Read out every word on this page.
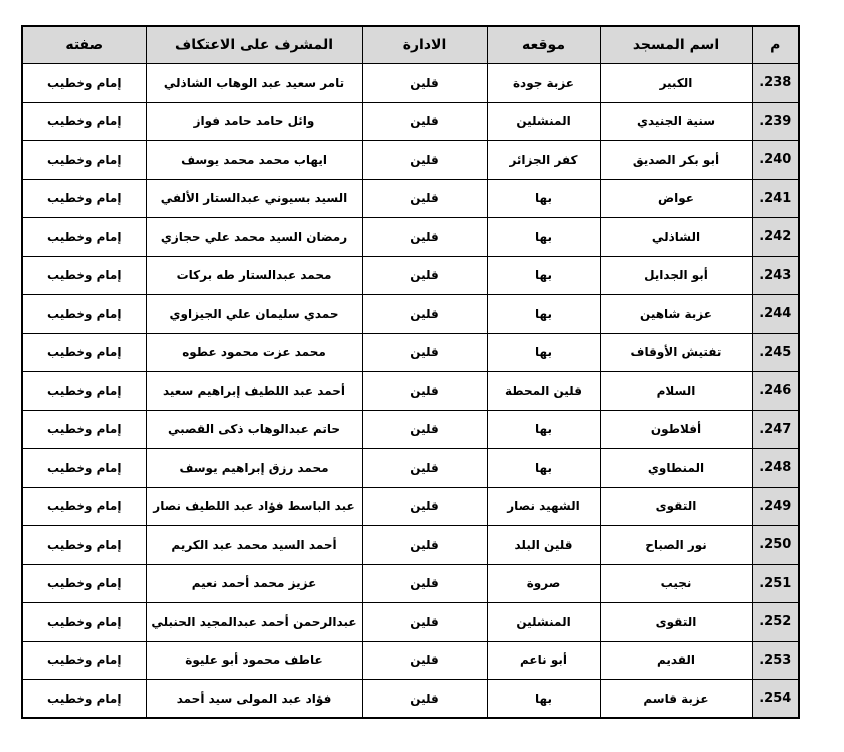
م	اسم المسجد	موقعه	الادارة	المشرف على الاعتكاف	صفته
238.	الكبير	عزبة جودة	قلين	تامر سعيد عبد الوهاب الشاذلي	إمام وخطيب
239.	سنية الجنيدي	المنشلين	قلين	وائل حامد حامد فواز	إمام وخطيب
240.	أبو بكر الصديق	كفر الجزائر	قلين	ايهاب محمد محمد يوسف	إمام وخطيب
241.	عواض	بها	قلين	السيد بسيوني عبدالستار الألفي	إمام وخطيب
242.	الشاذلي	بها	قلين	رمضان السيد محمد علي حجازي	إمام وخطيب
243.	أبو الجدايل	بها	قلين	محمد عبدالستار طه بركات	إمام وخطيب
244.	عزبة شاهين	بها	قلين	حمدي سليمان علي الجيزاوي	إمام وخطيب
245.	تفتيش الأوقاف	بها	قلين	محمد عزت محمود عطوه	إمام وخطيب
246.	السلام	قلين المحطة	قلين	أحمد عبد اللطيف إبراهيم سعيد	إمام وخطيب
247.	أفلاطون	بها	قلين	حاتم عبدالوهاب ذكى القصبي	إمام وخطيب
248.	المنطاوي	بها	قلين	محمد رزق إبراهيم يوسف	إمام وخطيب
249.	التقوى	الشهيد نصار	قلين	عبد الباسط فؤاد عبد اللطيف نصار	إمام وخطيب
250.	نور الصباح	قلين البلد	قلين	أحمد السيد محمد عبد الكريم	إمام وخطيب
251.	نجيب	صروة	قلين	عزيز محمد أحمد نعيم	إمام وخطيب
252.	التقوى	المنشلين	قلين	عبدالرحمن أحمد عبدالمجيد الحنبلي	إمام وخطيب
253.	القديم	أبو ناعم	قلين	عاطف محمود أبو عليوة	إمام وخطيب
254.	عزبة قاسم	بها	قلين	فؤاد عبد المولى سيد أحمد	إمام وخطيب
